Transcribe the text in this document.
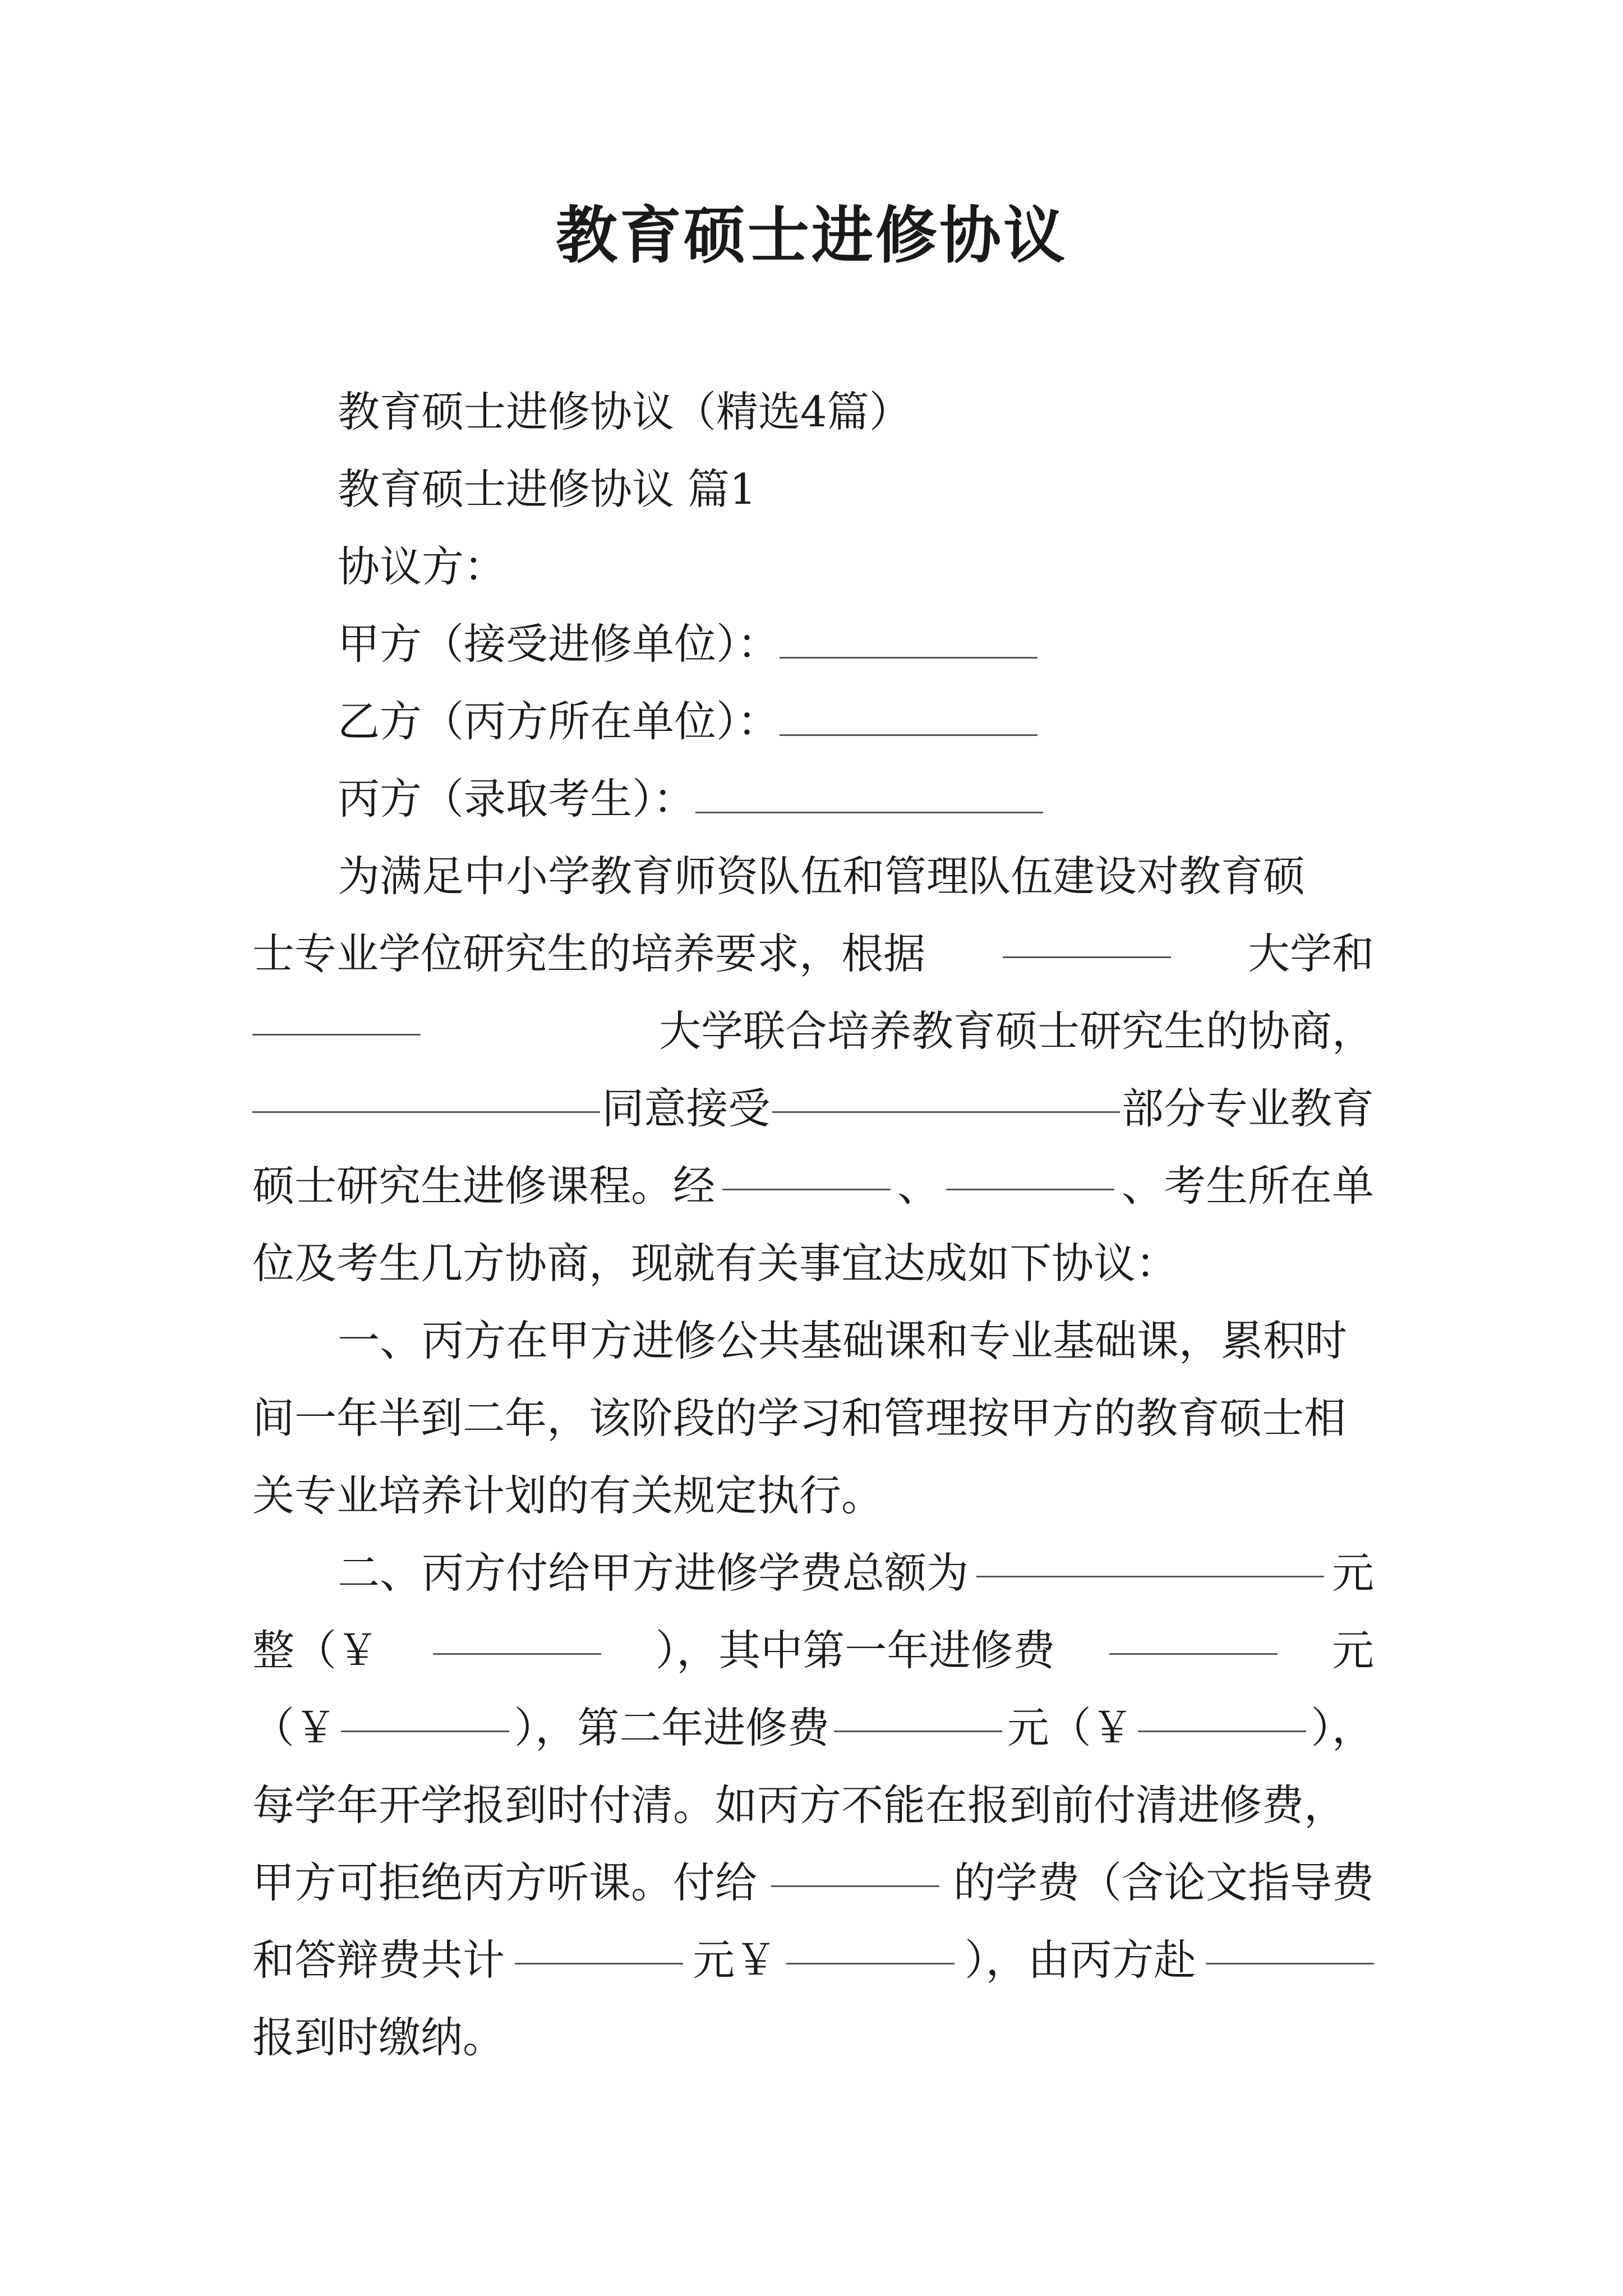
教育硕士进修协议
教育硕士进修协议（精选4篇）
教育硕士进修协议 篇1
协议方：
甲方（接受进修单位）：
乙方（丙方所在单位）：
丙方（录取考生）：
为满足中小学教育师资队伍和管理队伍建设对教育硕
士专业学位研究生的培养要求，根据	大学和
大学联合培养教育硕士研究生的协商，
同意接受	部分专业教育
硕士研究生进修课程。经	、	、考生所在单
位及考生几方协商，现就有关事宜达成如下协议：
一、丙方在甲方进修公共基础课和专业基础课，累积时
间一年半到二年，该阶段的学习和管理按甲方的教育硕士相
关专业培养计划的有关规定执行。
二、丙方付给甲方进修学费总额为	元
整（￥	），其中第一年进修费	元
（￥	），第二年进修费	元（￥	），
每学年开学报到时付清。如丙方不能在报到前付清进修费，
甲方可拒绝丙方听课。付给	的学费（含论文指导费
和答辩费共计	元￥	），由丙方赴
报到时缴纳。
